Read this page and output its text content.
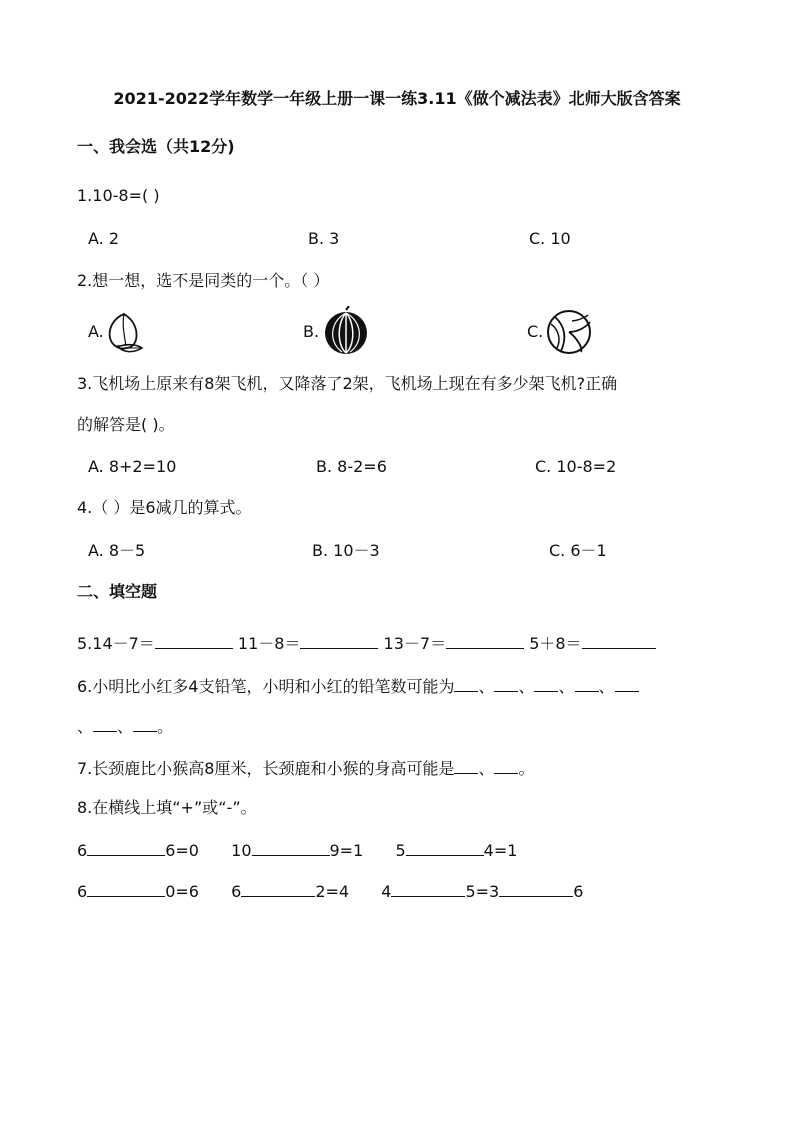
2021-2022学年数学一年级上册一课一练3.11《做个减法表》北师大版含答案
一、我会选（共12分)
1.10-8=( )
A. 2	B. 3	C. 10
2.想一想，选不是同类的一个。（ ）
A.	B.	C.
3.飞机场上原来有8架飞机，又降落了2架，飞机场上现在有多少架飞机?正确
的解答是( )。
A. 8+2=10	B. 8-2=6	C. 10-8=2
4.（ ）是6减几的算式。
A. 8－5	B. 10－3	C. 6－1
二、填空题
5.14－7＝	11－8＝	13－7＝	5＋8＝
6.小明比小红多4支铅笔，小明和小红的铅笔数可能为 、 、 、 、
、 、 。
7.长颈鹿比小猴高8厘米，长颈鹿和小猴的身高可能是 、 。
8.在横线上填“+”或“-”。
6	6=0 10	9=1 5	4=1
6	0=6 6	2=4 4	5=3	6
